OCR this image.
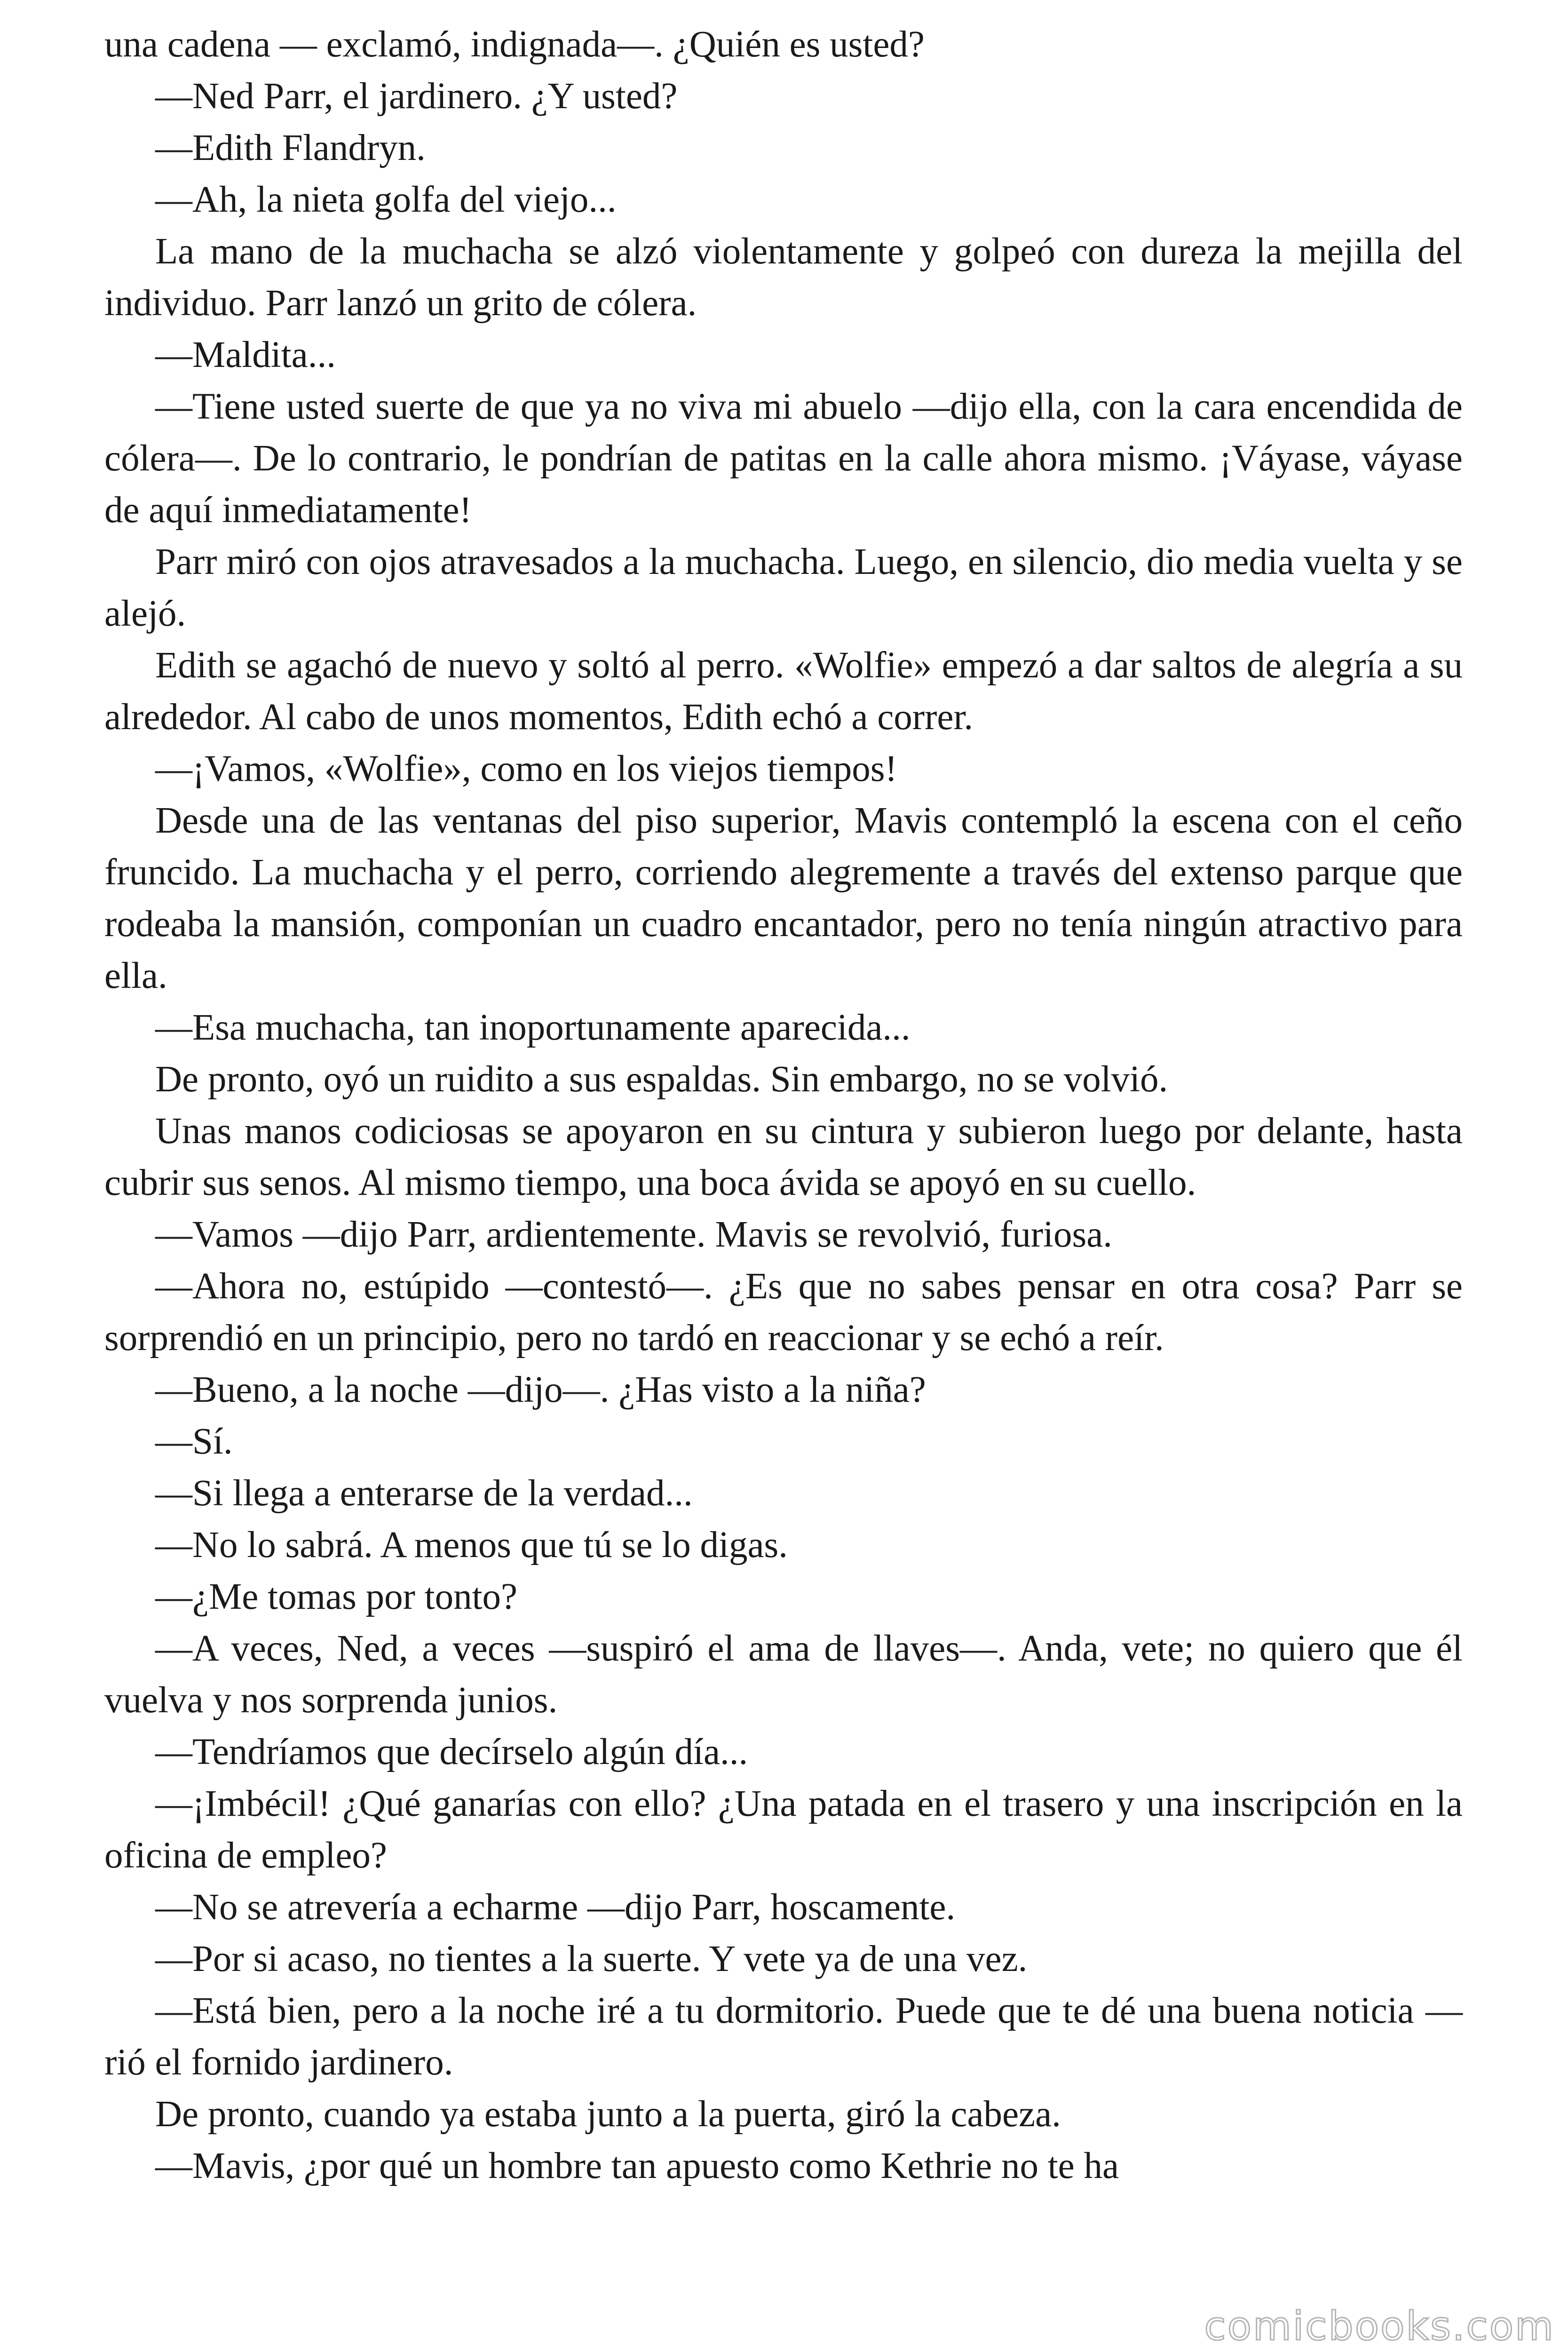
una cadena — exclamó, indignada—. ¿Quién es usted?

—Ned Parr, el jardinero. ¿Y usted?

—Edith Flandryn.

—Ah, la nieta golfa del viejo...

La mano de la muchacha se alzó violentamente y golpeó con dureza la mejilla del individuo. Parr lanzó un grito de cólera.

—Maldita...

—Tiene usted suerte de que ya no viva mi abuelo —dijo ella, con la cara encendida de cólera—. De lo contrario, le pondrían de patitas en la calle ahora mismo. ¡Váyase, váyase de aquí inmediatamente!

Parr miró con ojos atravesados a la muchacha. Luego, en silencio, dio media vuelta y se alejó.

Edith se agachó de nuevo y soltó al perro. «Wolfie» empezó a dar saltos de alegría a su alrededor. Al cabo de unos momentos, Edith echó a correr.

—¡Vamos, «Wolfie», como en los viejos tiempos!

Desde una de las ventanas del piso superior, Mavis contempló la escena con el ceño fruncido. La muchacha y el perro, corriendo alegremente a través del extenso parque que rodeaba la mansión, componían un cuadro encantador, pero no tenía ningún atractivo para ella.

—Esa muchacha, tan inoportunamente aparecida...

De pronto, oyó un ruidito a sus espaldas. Sin embargo, no se volvió.

Unas manos codiciosas se apoyaron en su cintura y subieron luego por delante, hasta cubrir sus senos. Al mismo tiempo, una boca ávida se apoyó en su cuello.

—Vamos —dijo Parr, ardientemente. Mavis se revolvió, furiosa.

—Ahora no, estúpido —contestó—. ¿Es que no sabes pensar en otra cosa? Parr se sorprendió en un principio, pero no tardó en reaccionar y se echó a reír.

—Bueno, a la noche —dijo—. ¿Has visto a la niña?

—Sí.

—Si llega a enterarse de la verdad...

—No lo sabrá. A menos que tú se lo digas.

—¿Me tomas por tonto?

—A veces, Ned, a veces —suspiró el ama de llaves—. Anda, vete; no quiero que él vuelva y nos sorprenda junios.

—Tendríamos que decírselo algún día...

—¡Imbécil! ¿Qué ganarías con ello? ¿Una patada en el trasero y una inscripción en la oficina de empleo?

—No se atrevería a echarme —dijo Parr, hoscamente.

—Por si acaso, no tientes a la suerte. Y vete ya de una vez.

—Está bien, pero a la noche iré a tu dormitorio. Puede que te dé una buena noticia —rió el fornido jardinero.

De pronto, cuando ya estaba junto a la puerta, giró la cabeza.

—Mavis, ¿por qué un hombre tan apuesto como Kethrie no te ha

comicbooks.com
